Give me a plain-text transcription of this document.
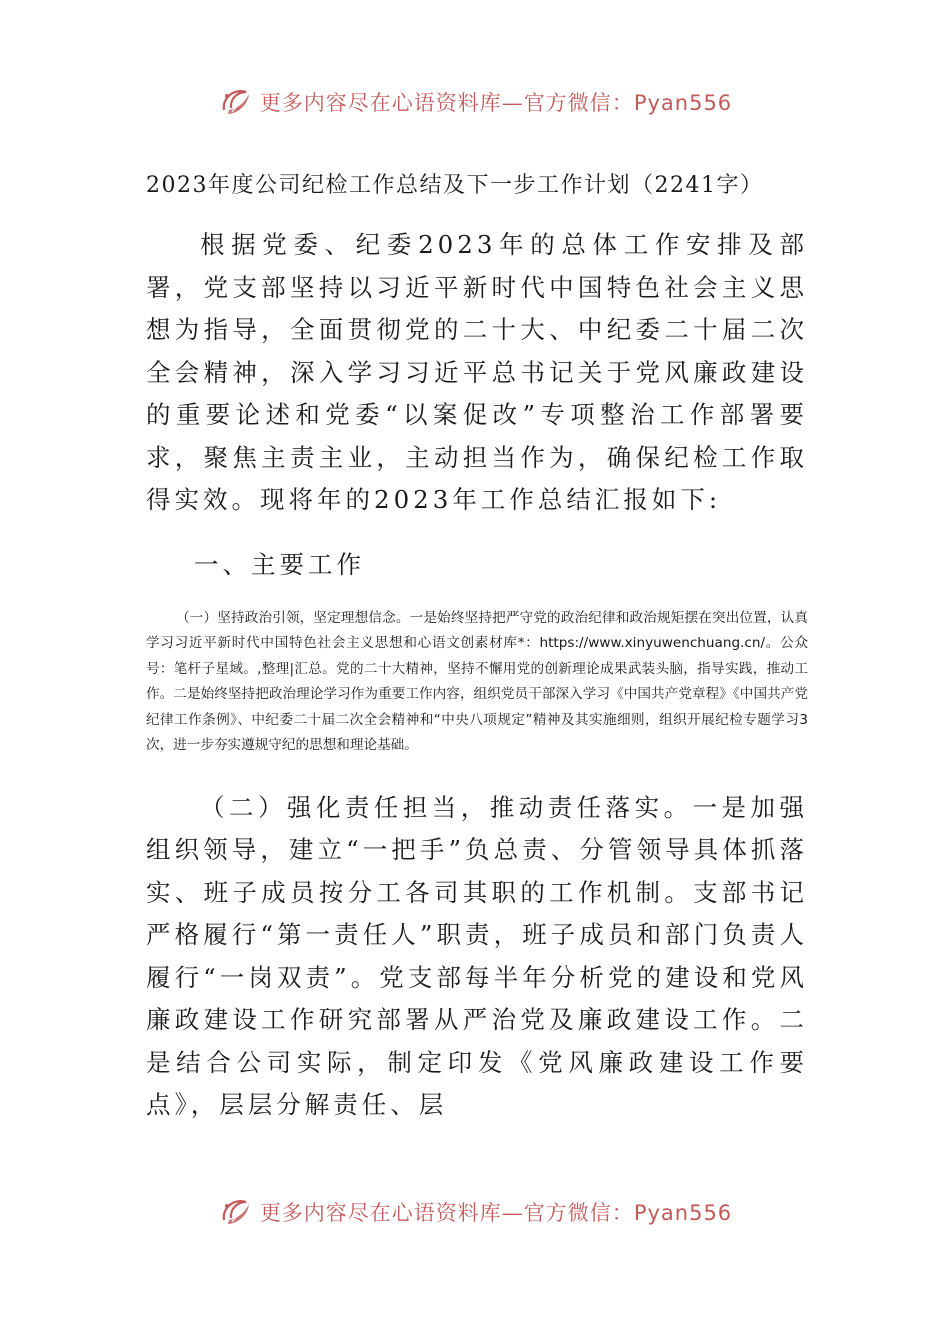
更多内容尽在心语资料库—官方微信：Pyan556
2023年度公司纪检工作总结及下一步工作计划（2241字）

根据党委、纪委2023年的总体工作安排及部署，党支部坚持以习近平新时代中国特色社会主义思想为指导，全面贯彻党的二十大、中纪委二十届二次全会精神，深入学习习近平总书记关于党风廉政建设的重要论述和党委“以案促改”专项整治工作部署要求，聚焦主责主业，主动担当作为，确保纪检工作取得实效。现将年的2023年工作总结汇报如下:

一、主要工作

（一）坚持政治引领，坚定理想信念。一是始终坚持把严守党的政治纪律和政治规矩摆在突出位置，认真学习习近平新时代中国特色社会主义思想和心语文创素材库*：https://www.xinyuwenchuang.cn/。公众号：笔杆子星域。,整理|汇总。党的二十大精神，坚持不懈用党的创新理论成果武装头脑，指导实践，推动工作。二是始终坚持把政治理论学习作为重要工作内容，组织党员干部深入学习《中国共产党章程》《中国共产党纪律工作条例》、中纪委二十届二次全会精神和“中央八项规定”精神及其实施细则，组织开展纪检专题学习3次，进一步夯实遵规守纪的思想和理论基础。

（二）强化责任担当，推动责任落实。一是加强组织领导，建立“一把手”负总责、分管领导具体抓落实、班子成员按分工各司其职的工作机制。支部书记严格履行“第一责任人”职责，班子成员和部门负责人履行“一岗双责”。党支部每半年分析党的建设和党风廉政建设工作研究部署从严治党及廉政建设工作。二是结合公司实际，制定印发《党风廉政建设工作要点》，层层分解责任、层

更多内容尽在心语资料库—官方微信：Pyan556
